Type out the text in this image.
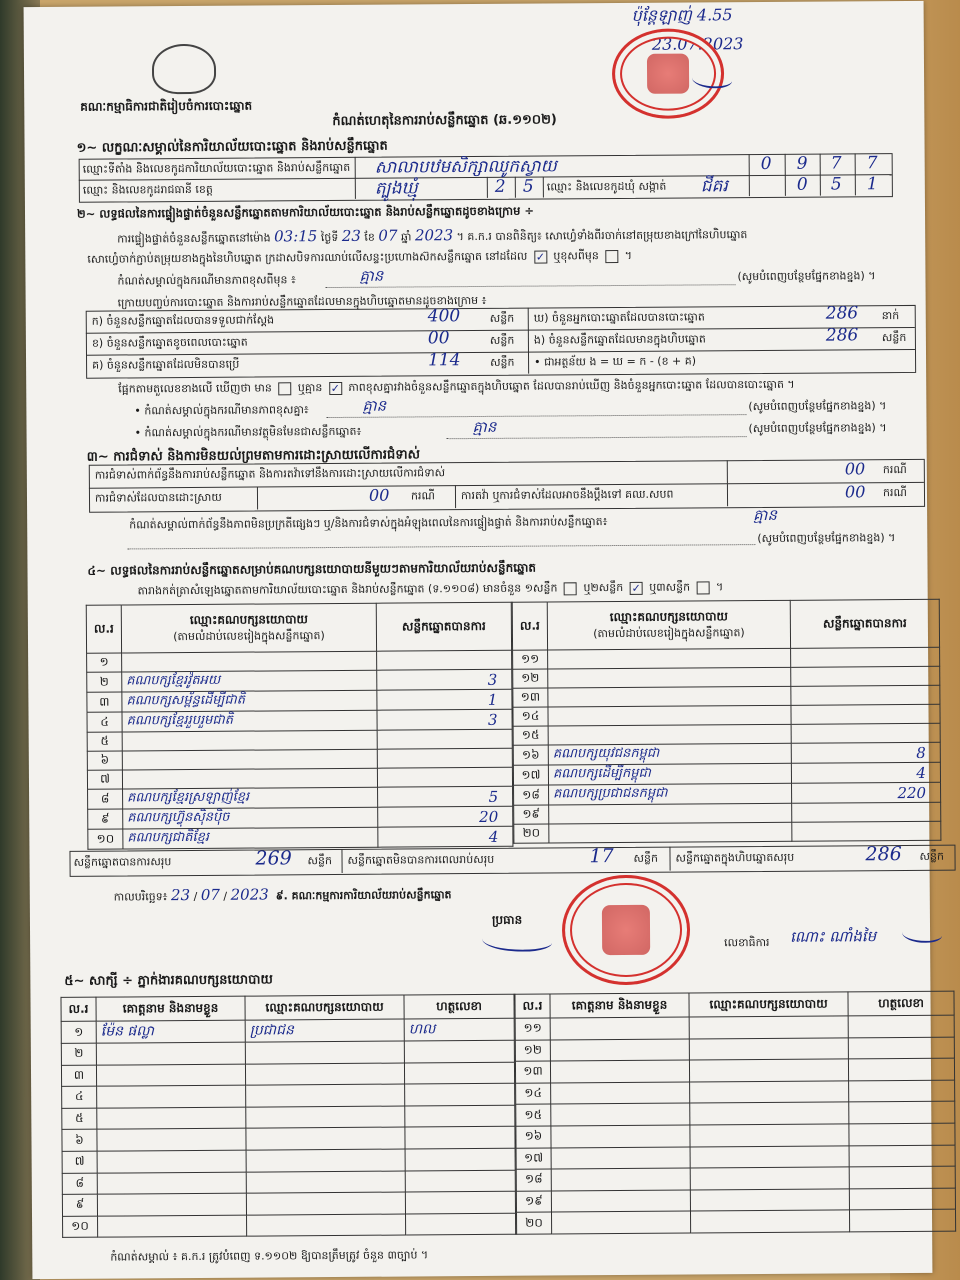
គណៈកម្មាធិការជាតិរៀបចំការបោះឆ្នោត
កំណត់ហេតុនៃការរាប់សន្លឹកឆ្នោត (ឆ.១១០២)
ប៉ុន្តែឡាញ់ 4.55
23.07.2023
១~ លក្ខណៈសម្គាល់នៃការិយាល័យបោះឆ្នោត និងរាប់សន្លឹកឆ្នោត
ឈ្មោះទីតាំង និងលេខកូដការិយាល័យបោះឆ្នោត និងរាប់សន្លឹកឆ្នោត សាលាបឋមសិក្សាឈូកស្វាយ	0 9 7 7
ឈ្មោះ និងលេខកូដរាជធានី ខេត្ត	ត្បូងឃ្មុំ	2 5 ឈ្មោះ និងលេខកូដឃុំ សង្កាត់ ជីគរ	0 5 1
២~ លទ្ធផលនៃការផ្ទៀងផ្ទាត់ចំនួនសន្លឹកឆ្នោតតាមការិយាល័យបោះឆ្នោត និងរាប់សន្លឹកឆ្នោតដូចខាងក្រោម ÷
ការផ្ទៀងផ្ទាត់ចំនួនសន្លឹកឆ្នោតនៅម៉ោង 03:15 ថ្ងៃទី 23 ខែ 07 ឆ្នាំ 2023 ។ គ.ក.រ បានពិនិត្យ៖ សោហ្វេំទាំងពីរចាក់នៅតម្រុយខាងក្រៅនៃហិបឆ្នោត
សោហ្វេំចាក់ភ្ជាប់តម្រុយខាងក្នុងនៃហិបឆ្នោត ក្រដាសបិទការឈាប់លើសន្ទះប្រហោងស៊កសន្លឹកឆ្នោត នៅដដែល ✓ ឬខុសពីមុន  ។
កំណត់សម្គាល់ក្នុងករណីមានភាពខុសពីមុន ៖	គ្មាន	(សូមបំពេញបន្ថែមផ្នែកខាងខ្នង) ។
ក្រោយបញ្ចប់ការបោះឆ្នោត និងការរាប់សន្លឹកឆ្នោតដែលមានក្នុងហិបឆ្នោតមានដូចខាងក្រោម ៖
ក) ចំនួនសន្លឹកឆ្នោតដែលបានទទួលជាក់ស្តែង	400	សន្លឹក ឃ) ចំនួនអ្នកបោះឆ្នោតដែលបានបោះឆ្នោត	286 នាក់
ខ) ចំនួនសន្លឹកឆ្នោតខូចពេលបោះឆ្នោត	00	សន្លឹក ង) ចំនួនសន្លឹកឆ្នោតដែលមានក្នុងហិបឆ្នោត	286 សន្លឹក
គ) ចំនួនសន្លឹកឆ្នោតដែលមិនបានប្រើ	114	សន្លឹក • ជាអត្ថន័យ ង = ឃ = ក - (ខ + គ)
ផ្អែកតាមតួលេខខាងលើ ឃើញថា មាន ឬគ្មាន ✓ ភាពខុសគ្នារវាងចំនួនសន្លឹកឆ្នោតក្នុងហិបឆ្នោត ដែលបានរាប់ឃើញ និងចំនួនអ្នកបោះឆ្នោត ដែលបានបោះឆ្នោត ។
• កំណត់សម្គាល់ក្នុងករណីមានភាពខុសគ្នា៖	គ្មាន	(សូមបំពេញបន្ថែមផ្នែកខាងខ្នង) ។
• កំណត់សម្គាល់ក្នុងករណីមានវត្ថុមិនមែនជាសន្លឹកឆ្នោត៖	គ្មាន	(សូមបំពេញបន្ថែមផ្នែកខាងខ្នង) ។
៣~ ការជំទាស់ និងការមិនយល់ព្រមតាមការដោះស្រាយលើការជំទាស់
ការជំទាស់ពាក់ព័ន្ធនឹងការរាប់សន្លឹកឆ្នោត និងការតវ៉ាទៅនឹងការដោះស្រាយលើការជំទាស់	00 ករណី
ការជំទាស់ដែលបានដោះស្រាយ	00 ករណី ការតវ៉ា ឬការជំទាស់ដែលអាចនឹងប្ដឹងទៅ គឈ.សបព	00 ករណី
កំណត់សម្គាល់ពាក់ព័ន្ធនឹងភាពមិនប្រក្រតីផ្សេងៗ ឬ/និងការជំទាស់ក្នុងអំឡុងពេលនៃការផ្ទៀងផ្ទាត់ និងការរាប់សន្លឹកឆ្នោត៖	គ្មាន
(សូមបំពេញបន្ថែមផ្នែកខាងខ្នង) ។
៤~ លទ្ធផលនៃការរាប់សន្លឹកឆ្នោតសម្រាប់គណបក្សនយោបាយនីមួយៗតាមការិយាល័យរាប់សន្លឹកឆ្នោត
តារាងកត់ត្រាសំឡេងឆ្នោតតាមការិយាល័យបោះឆ្នោត និងរាប់សន្លឹកឆ្នោត (ទ.១១០៨) មានចំនួន ១សន្លឹក ឬ២សន្លឹក ✓ ឬ៣សន្លឹក  ។
ល.រ	ឈ្មោះគណបក្សនយោបាយ
(តាមលំដាប់លេខរៀងក្នុងសន្លឹកឆ្នោត)	សន្លឹកឆ្នោតបានការ
១		
២	គណបក្សខ្មែរវ៉ូតអយ	3
៣	គណបក្សសម្ព័ន្ធដើម្បីជាតិ	1
៤	គណបក្សខ្មែររួបរួមជាតិ	3
៥		
៦		
៧		
៨	គណបក្សខ្មែរស្រឡាញ់ខ្មែរ	5
៩	គណបក្សហ៊្វុនស៊ិនប៉ិច	20
១០	គណបក្សជាតិខ្មែរ	4
ល.រ	ឈ្មោះគណបក្សនយោបាយ
(តាមលំដាប់លេខរៀងក្នុងសន្លឹកឆ្នោត)	សន្លឹកឆ្នោតបានការ
១១		
១២		
១៣		
១៤		
១៥		
១៦	គណបក្សយុវជនកម្ពុជា	8
១៧	គណបក្សដើម្បីកម្ពុជា	4
១៨	គណបក្សប្រជាជនកម្ពុជា	220
១៩		
២០		
សន្លឹកឆ្នោតបានការសរុប	269 សន្លឹក សន្លឹកឆ្នោតមិនបានការពេលរាប់សរុប	17 សន្លឹក សន្លឹកឆ្នោតក្នុងហិបឆ្នោតសរុប	286 សន្លឹក
កាលបរិច្ឆេទ៖ 23 / 07 / 2023 ៩. គណៈកម្មការការិយាល័យរាប់សន្លឹកឆ្នោត
ប្រធាន
លេខាធិការ ណោះ ណាំងមៃ
៥~ សាក្សី ÷ ភ្នាក់ងារគណបក្សនយោបាយ
ល.រ	គោត្តនាម និងនាមខ្លួន	ឈ្មោះគណបក្សនយោបាយ	ហត្ថលេខា
១	ម៉ែន ផល្លា	ប្រជាជន	ហល
២			
៣			
៤			
៥			
៦			
៧			
៨			
៩			
១០			
ល.រ	គោត្តនាម និងនាមខ្លួន	ឈ្មោះគណបក្សនយោបាយ	ហត្ថលេខា
១១			
១២			
១៣			
១៤			
១៥			
១៦			
១៧			
១៨			
១៩			
២០			
កំណត់សម្គាល់ ៖ គ.ក.រ ត្រូវបំពេញ ទ.១១០២ ឱ្យបានត្រឹមត្រូវ ចំនួន ៣ច្បាប់ ។
